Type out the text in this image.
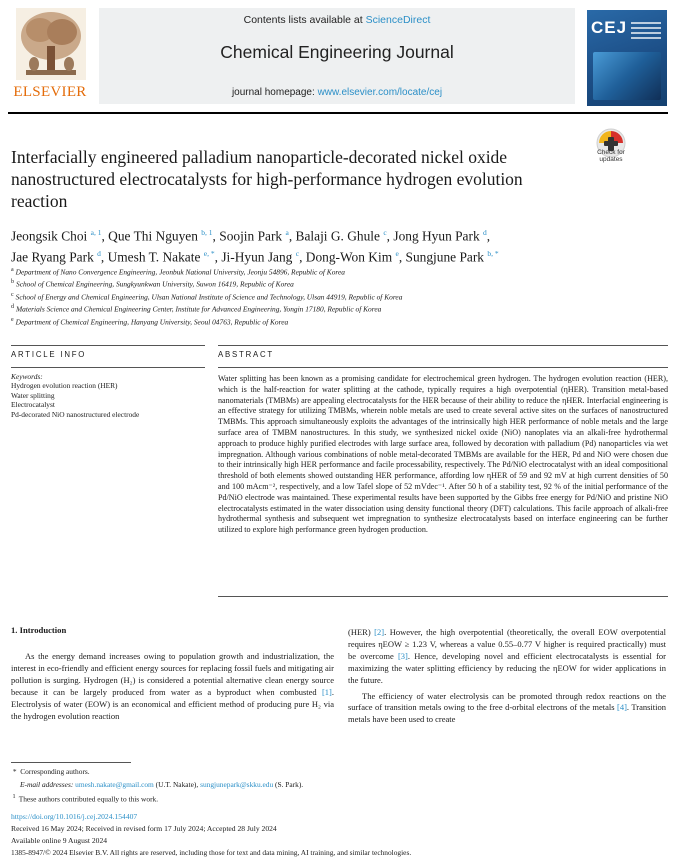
ELSEVIER
Contents lists available at ScienceDirect
Chemical Engineering Journal
journal homepage: www.elsevier.com/locate/cej
CEJ
Interfacially engineered palladium nanoparticle-decorated nickel oxide nanostructured electrocatalysts for high-performance hydrogen evolution reaction
Check for updates
Jeongsik Choi $^{a, 1}$, Que Thi Nguyen $^{b, 1}$, Soojin Park $^a$, Balaji G. Ghule $^c$, Jong Hyun Park $^d$,
Jae Ryang Park $^d$, Umesh T. Nakate $^{e, *}$, Ji-Hyun Jang $^c$, Dong-Won Kim $^e$, Sungjune Park $^{b, *}$
$^a$ Department of Nano Convergence Engineering, Jeonbuk National University, Jeonju 54896, Republic of Korea
$^b$ School of Chemical Engineering, Sungkyunkwan University, Suwon 16419, Republic of Korea
$^c$ School of Energy and Chemical Engineering, Ulsan National Institute of Science and Technology, Ulsan 44919, Republic of Korea
$^d$ Materials Science and Chemical Engineering Center, Institute for Advanced Engineering, Yongin 17180, Republic of Korea
$^e$ Department of Chemical Engineering, Hanyang University, Seoul 04763, Republic of Korea
ARTICLE INFO	ABSTRACT
Keywords:
Hydrogen evolution reaction (HER)
Water splitting
Electrocatalyst
Pd-decorated NiO nanostructured electrode
Water splitting has been known as a promising candidate for electrochemical green hydrogen. The hydrogen evolution reaction (HER), which is the half-reaction for water splitting at the cathode, typically requires a high overpotential (ηHER). Transition metal-based nanomaterials (TMBMs) are appealing electrocatalysts for the HER because of their ability to reduce the ηHER. Interfacial engineering is an effective strategy for utilizing TMBMs, wherein noble metals are used to create several active sites on the surfaces of nanostructured TMBMs. This approach simultaneously exploits the advantages of the intrinsically high HER performance of noble metals and the large surface area of TMBM nanostructures. In this study, we synthesized nickel oxide (NiO) nanoplates via an alkali-free hydrothermal approach to produce highly purified electrodes with large surface area, followed by decoration with palladium (Pd) nanoparticles via wet impregnation. Although various combinations of noble metal-decorated TMBMs are available for the HER, Pd and NiO were chosen due to their intrinsically high HER performance and facile processability, respectively. The Pd/NiO electrocatalyst with an ideal compositional threshold of both elements showed outstanding HER performance, affording low ηHER of 59 and 92 mV at high current densities of 50 and 100 mAcm⁻², respectively, and a low Tafel slope of 52 mVdec⁻¹. After 50 h of a stability test, 92 % of the initial performance of the Pd/NiO electrode was maintained. These experimental results have been supported by the Gibbs free energy for Pd/NiO and pristine NiO electrocatalysts estimated in the water dissociation using density functional theory (DFT) calculations. This facile approach of alkali-free hydrothermal synthesis and subsequent wet impregnation to synthesize electrocatalysts based on interface engineering can be further utilized to explore high performance green hydrogen production.
1. Introduction
As the energy demand increases owing to population growth and industrialization, the interest in eco-friendly and efficient energy sources for replacing fossil fuels and mitigating air pollution is surging. Hydrogen (H₂) is considered a potential alternative clean energy source because it can be largely produced from water as a byproduct when combusted [1]. Electrolysis of water (EOW) is an economical and efficient method of producing pure H₂ via the hydrogen evolution reaction
(HER) [2]. However, the high overpotential (theoretically, the overall EOW overpotential requires ηEOW ≥ 1.23 V, whereas a value 0.55–0.77 V higher is required practically) must be overcome [3]. Hence, developing novel and efficient electrocatalysts is essential for maximizing the water splitting efficiency by reducing the ηEOW for wider applications in the future.
The efficiency of water electrolysis can be promoted through redox reactions on the surface of transition metals owing to the free d-orbital electrons of the metals [4]. Transition metals have been used to create
*  Corresponding authors.
E-mail addresses: umesh.nakate@gmail.com (U.T. Nakate), sungjunepark@skku.edu (S. Park).
$^1$  These authors contributed equally to this work.
https://doi.org/10.1016/j.cej.2024.154407
Received 16 May 2024; Received in revised form 17 July 2024; Accepted 28 July 2024
Available online 9 August 2024
1385-8947/© 2024 Elsevier B.V. All rights are reserved, including those for text and data mining, AI training, and similar technologies.
